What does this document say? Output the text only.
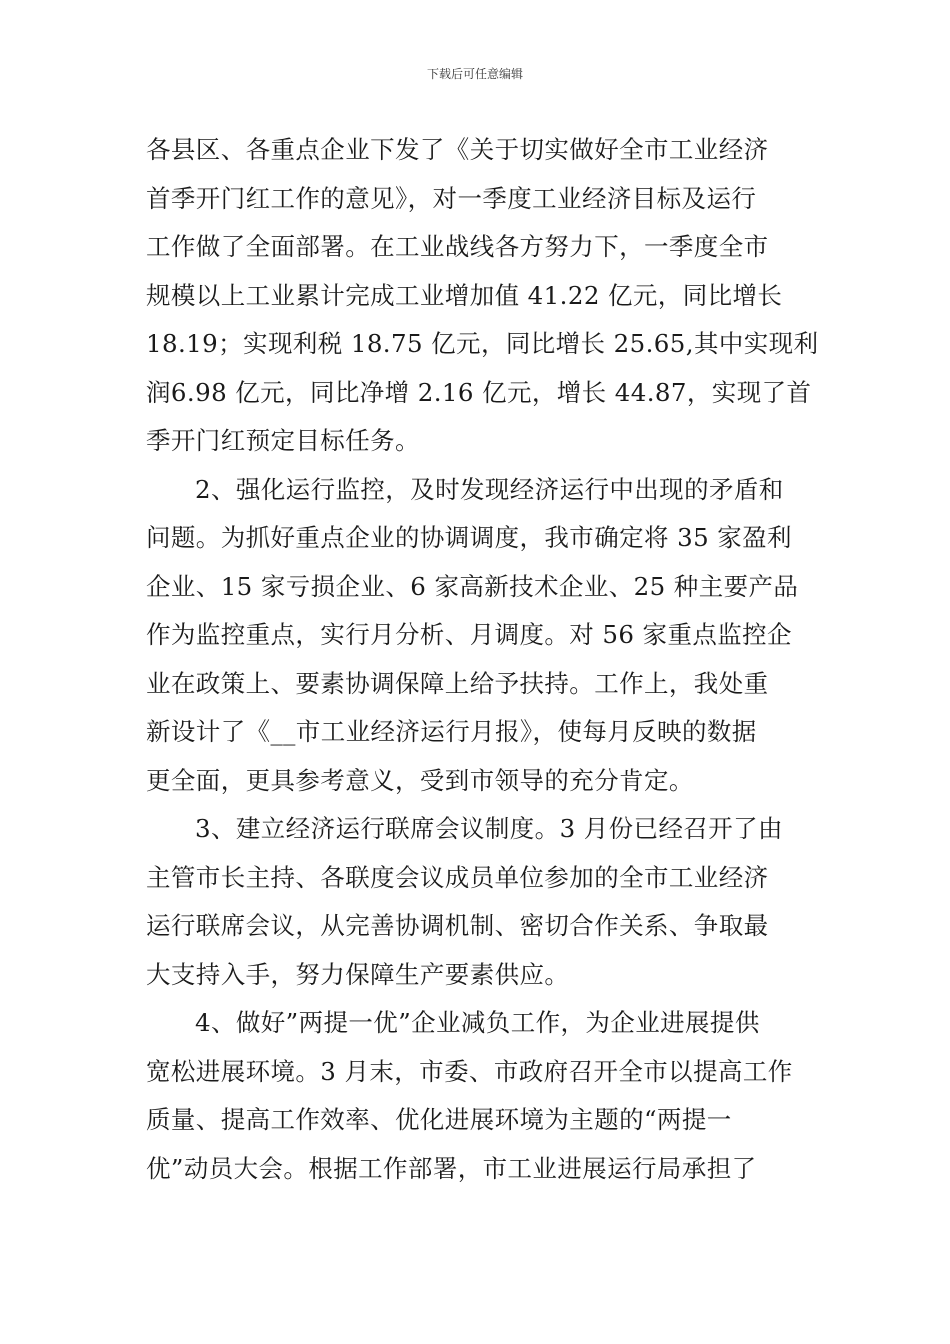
下载后可任意编辑
各县区、各重点企业下发了《关于切实做好全市工业经济
首季开门红工作的意见》，对一季度工业经济目标及运行
工作做了全面部署。在工业战线各方努力下，一季度全市
规模以上工业累计完成工业增加值 41.22 亿元，同比增长
18.19；实现利税 18.75 亿元，同比增长 25.65,其中实现利
润6.98 亿元，同比净增 2.16 亿元，增长 44.87，实现了首
季开门红预定目标任务。
2、强化运行监控，及时发现经济运行中出现的矛盾和
问题。为抓好重点企业的协调调度，我市确定将 35 家盈利
企业、15 家亏损企业、6 家高新技术企业、25 种主要产品
作为监控重点，实行月分析、月调度。对 56 家重点监控企
业在政策上、要素协调保障上给予扶持。工作上，我处重
新设计了《__市工业经济运行月报》，使每月反映的数据
更全面，更具参考意义，受到市领导的充分肯定。
3、建立经济运行联席会议制度。3 月份已经召开了由
主管市长主持、各联度会议成员单位参加的全市工业经济
运行联席会议，从完善协调机制、密切合作关系、争取最
大支持入手，努力保障生产要素供应。
4、做好”两提一优”企业减负工作，为企业进展提供
宽松进展环境。3 月末，市委、市政府召开全市以提高工作
质量、提高工作效率、优化进展环境为主题的“两提一
优”动员大会。根据工作部署，市工业进展运行局承担了
